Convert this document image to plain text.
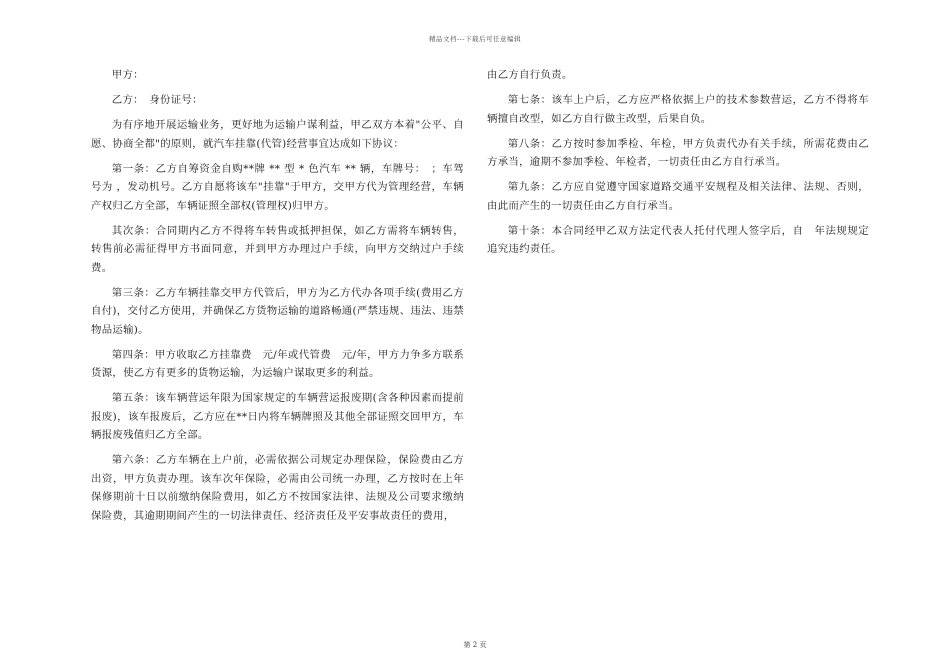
精品文档---下载后可任意编辑

甲方：

乙方：　身份证号：

为有序地开展运输业务，更好地为运输户谋利益，甲乙双方本着"公平、自愿、协商全都"的原则，就汽车挂靠(代管)经营事宜达成如下协议：

第一条：乙方自筹资金自购**牌 ** 型 * 色汽车 ** 辆，车牌号：　；车驾号为 ，发动机号。乙方自愿将该车"挂靠"于甲方，交甲方代为管理经营，车辆产权归乙方全部，车辆证照全部权(管理权)归甲方。

其次条：合同期内乙方不得将车转售或抵押担保，如乙方需将车辆转售，转售前必需征得甲方书面同意，并到甲方办理过户手续，向甲方交纳过户手续费。

第三条：乙方车辆挂靠交甲方代管后，甲方为乙方代办各项手续(费用乙方自付)，交付乙方使用，并确保乙方货物运输的道路畅通(严禁违规、违法、违禁物品运输)。

第四条：甲方收取乙方挂靠费　元/年或代管费　元/年，甲方力争多方联系货源，使乙方有更多的货物运输，为运输户谋取更多的利益。

第五条：该车辆营运年限为国家规定的车辆营运报废期(含各种因素而提前报废)，该车报废后，乙方应在**日内将车辆牌照及其他全部证照交回甲方，车辆报废残值归乙方全部。

第六条：乙方车辆在上户前，必需依据公司规定办理保险，保险费由乙方出资，甲方负责办理。该车次年保险，必需由公司统一办理，乙方按时在上年保修期前十日以前缴纳保险费用，如乙方不按国家法律、法规及公司要求缴纳保险费，其逾期期间产生的一切法律责任、经济责任及平安事故责任的费用，

由乙方自行负责。

第七条：该车上户后，乙方应严格依据上户的技术参数营运，乙方不得将车辆擅自改型，如乙方自行做主改型，后果自负。

第八条：乙方按时参加季检、年检，甲方负责代办有关手续，所需花费由乙方承当，逾期不参加季检、年检者，一切责任由乙方自行承当。

第九条：乙方应自觉遵守国家道路交通平安规程及相关法律、法规、否则，由此而产生的一切责任由乙方自行承当。

第十条：本合同经甲乙双方法定代表人托付代理人签字后，自　年法规规定追究违约责任。

第 2 页
